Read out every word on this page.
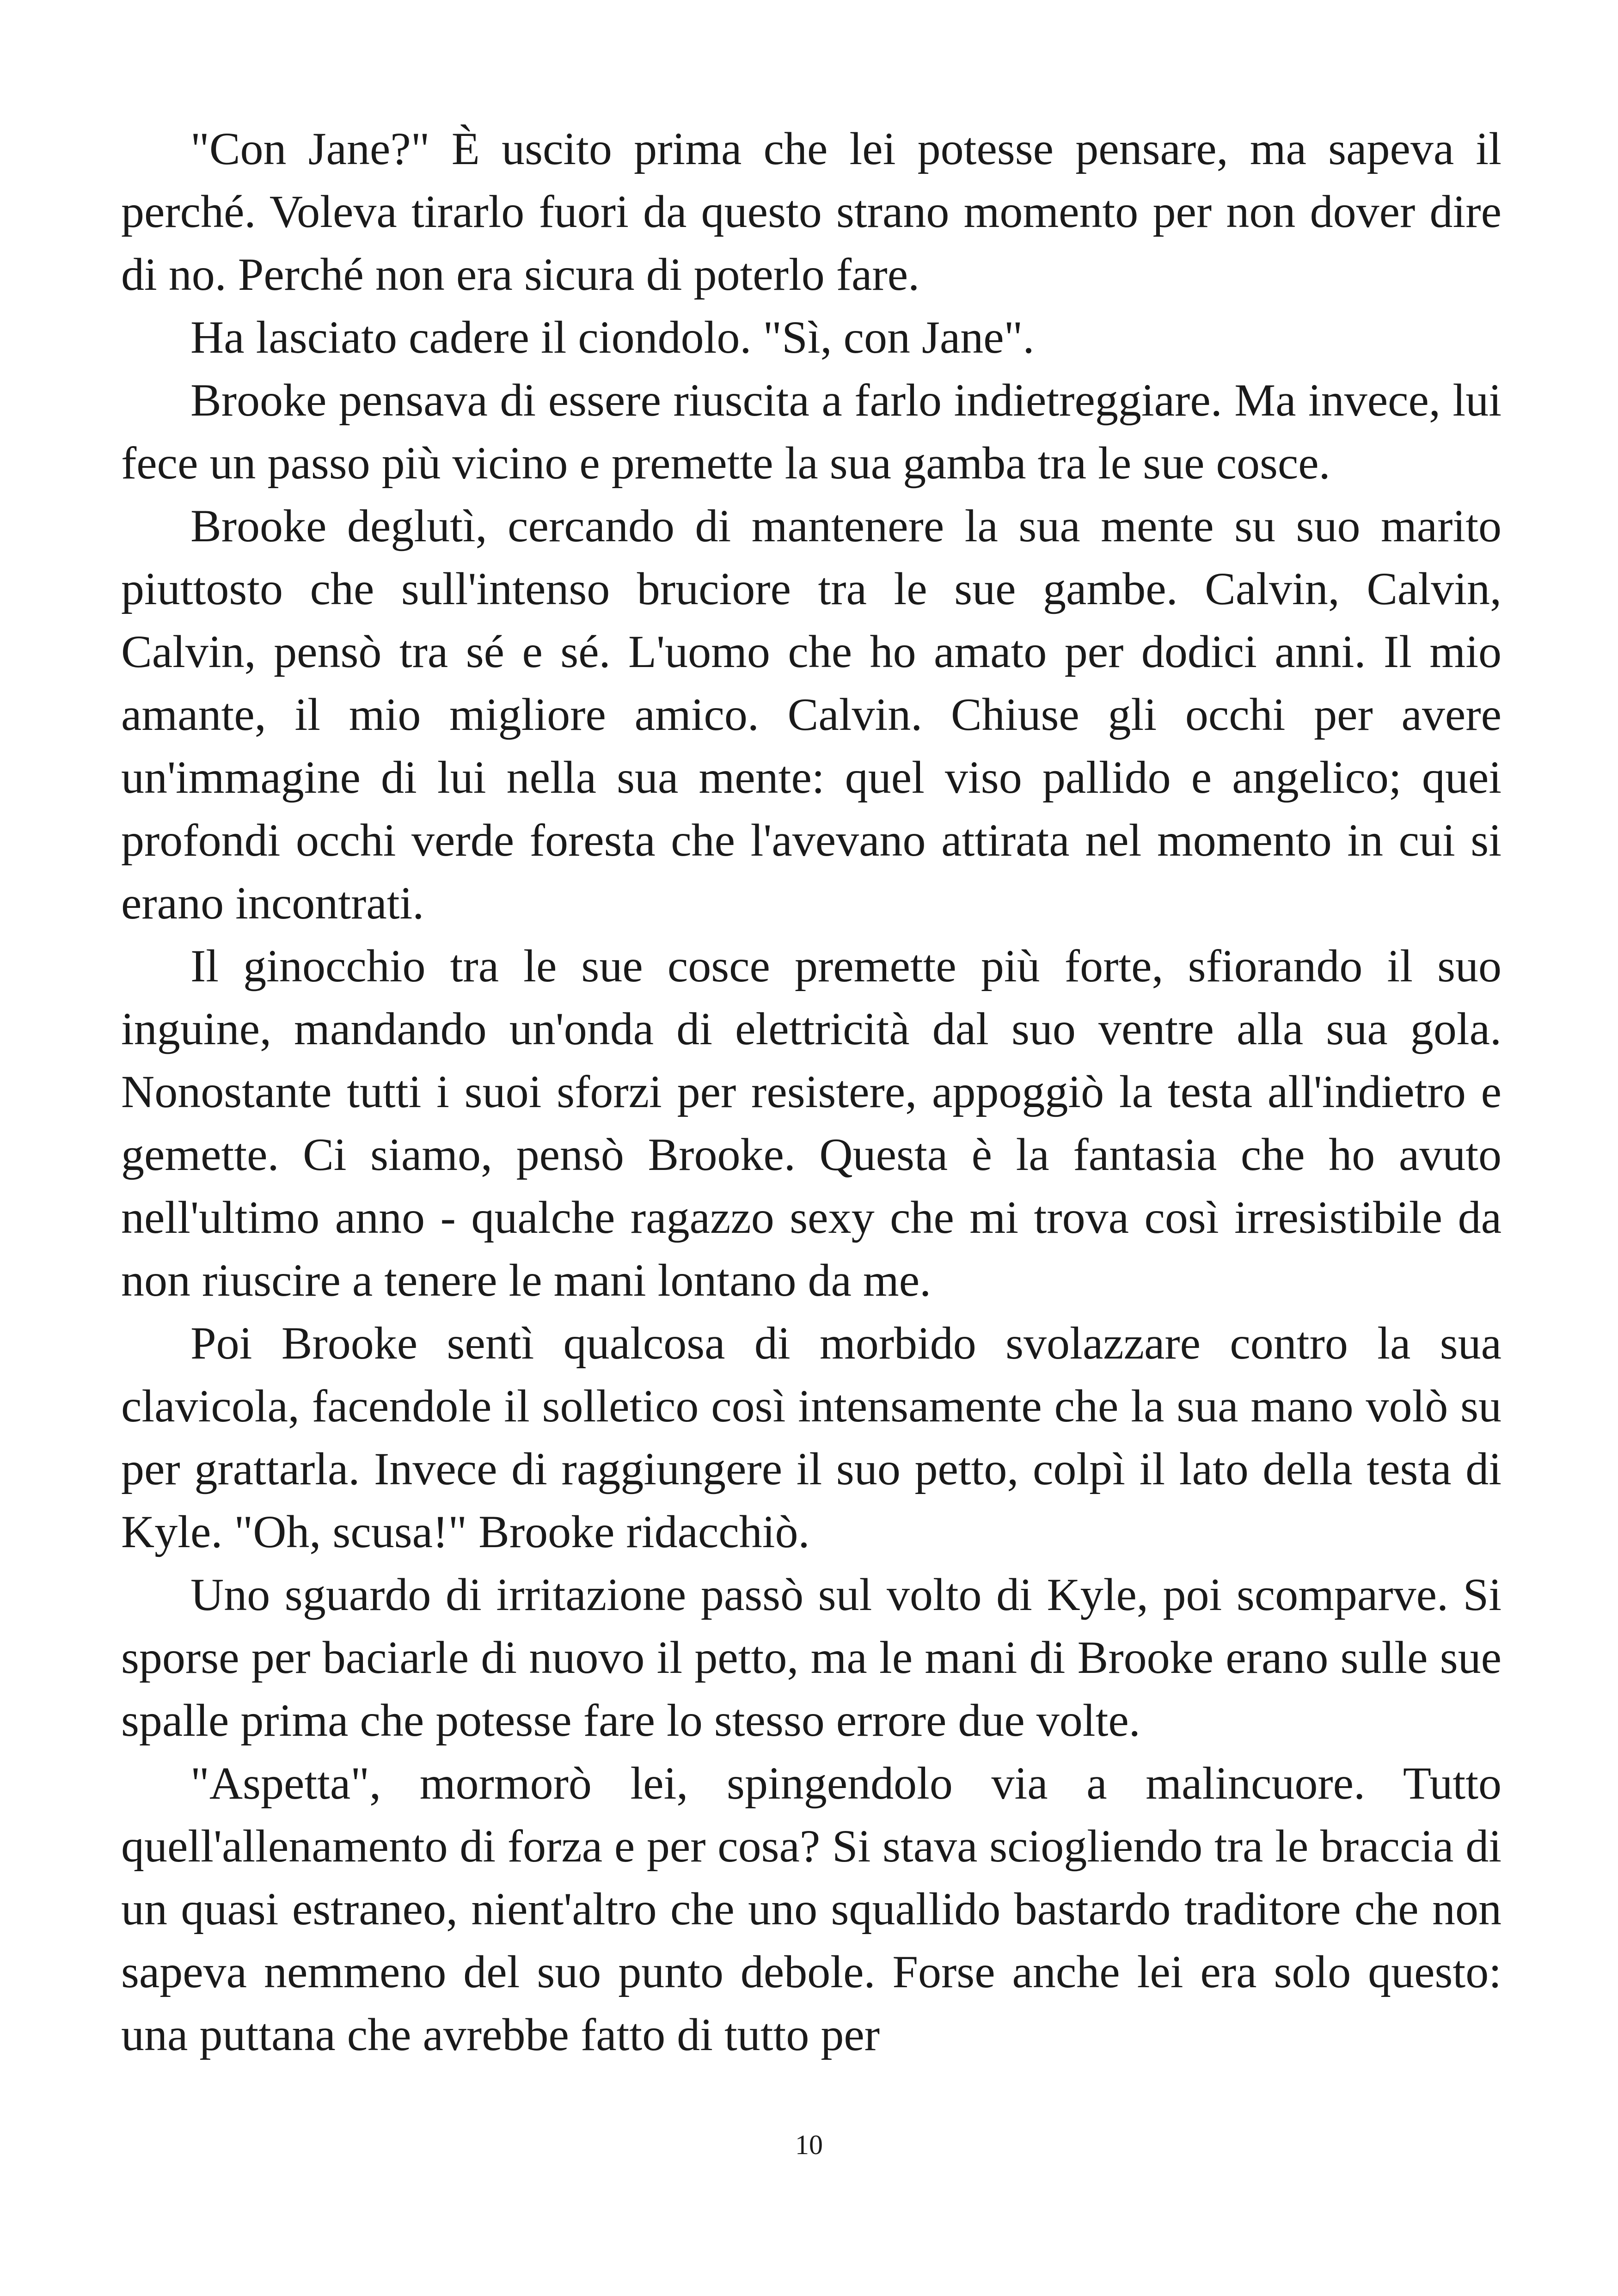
"Con Jane?" È uscito prima che lei potesse pensare, ma sapeva il perché. Voleva tirarlo fuori da questo strano momento per non dover dire di no. Perché non era sicura di poterlo fare.

Ha lasciato cadere il ciondolo. "Sì, con Jane".

Brooke pensava di essere riuscita a farlo indietreggiare. Ma invece, lui fece un passo più vicino e premette la sua gamba tra le sue cosce.

Brooke deglutì, cercando di mantenere la sua mente su suo marito piuttosto che sull'intenso bruciore tra le sue gambe. Calvin, Calvin, Calvin, pensò tra sé e sé. L'uomo che ho amato per dodici anni. Il mio amante, il mio migliore amico. Calvin. Chiuse gli occhi per avere un'immagine di lui nella sua mente: quel viso pallido e angelico; quei profondi occhi verde foresta che l'avevano attirata nel momento in cui si erano incontrati.

Il ginocchio tra le sue cosce premette più forte, sfiorando il suo inguine, mandando un'onda di elettricità dal suo ventre alla sua gola. Nonostante tutti i suoi sforzi per resistere, appoggiò la testa all'indietro e gemette. Ci siamo, pensò Brooke. Questa è la fantasia che ho avuto nell'ultimo anno - qualche ragazzo sexy che mi trova così irresistibile da non riuscire a tenere le mani lontano da me.

Poi Brooke sentì qualcosa di morbido svolazzare contro la sua clavicola, facendole il solletico così intensamente che la sua mano volò su per grattarla. Invece di raggiungere il suo petto, colpì il lato della testa di Kyle. "Oh, scusa!" Brooke ridacchiò.

Uno sguardo di irritazione passò sul volto di Kyle, poi scomparve. Si sporse per baciarle di nuovo il petto, ma le mani di Brooke erano sulle sue spalle prima che potesse fare lo stesso errore due volte.

"Aspetta", mormorò lei, spingendolo via a malincuore. Tutto quell'allenamento di forza e per cosa? Si stava sciogliendo tra le braccia di un quasi estraneo, nient'altro che uno squallido bastardo traditore che non sapeva nemmeno del suo punto debole. Forse anche lei era solo questo: una puttana che avrebbe fatto di tutto per

10
